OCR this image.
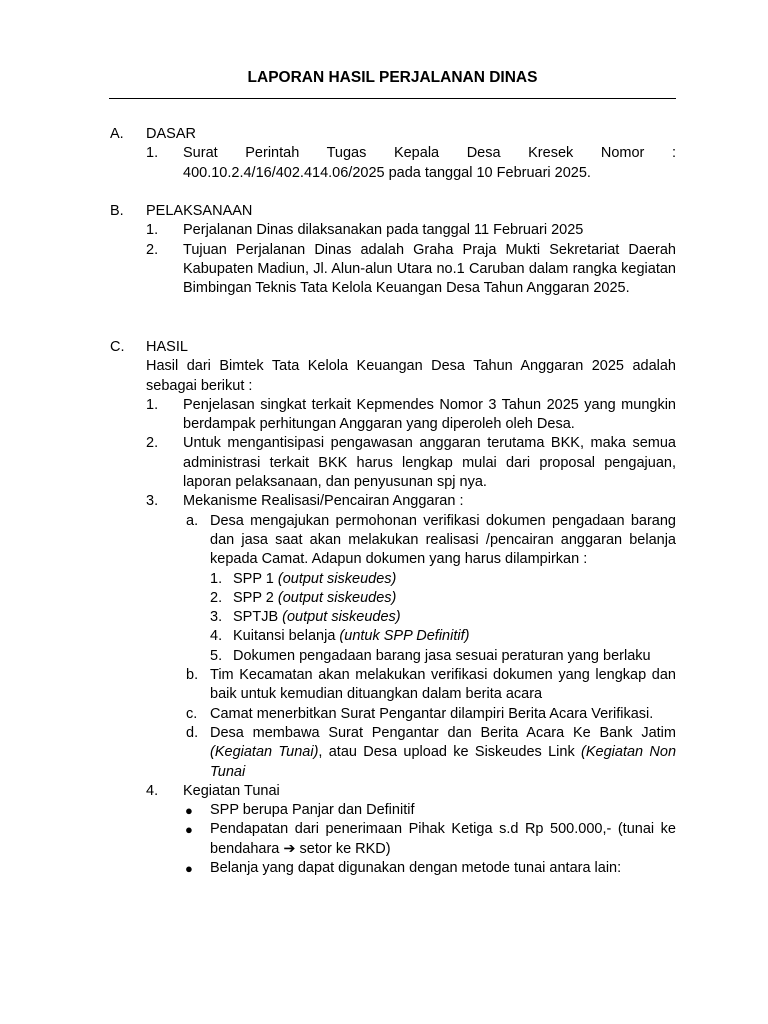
LAPORAN HASIL PERJALANAN DINAS
A. DASAR
1. Surat Perintah Tugas Kepala Desa Kresek Nomor : 400.10.2.4/16/402.414.06/2025 pada tanggal 10 Februari 2025.
B. PELAKSANAAN
1. Perjalanan Dinas dilaksanakan pada tanggal 11 Februari 2025
2. Tujuan Perjalanan Dinas adalah Graha Praja Mukti Sekretariat Daerah Kabupaten Madiun, Jl. Alun-alun Utara no.1 Caruban dalam rangka kegiatan Bimbingan Teknis Tata Kelola Keuangan Desa Tahun Anggaran 2025.
C. HASIL
Hasil dari Bimtek Tata Kelola Keuangan Desa Tahun Anggaran 2025 adalah sebagai berikut :
1. Penjelasan singkat terkait Kepmendes Nomor 3 Tahun 2025 yang mungkin berdampak perhitungan Anggaran yang diperoleh oleh Desa.
2. Untuk mengantisipasi pengawasan anggaran terutama BKK, maka semua administrasi terkait BKK harus lengkap mulai dari proposal pengajuan, laporan pelaksanaan, dan penyusunan spj nya.
3. Mekanisme Realisasi/Pencairan Anggaran :
a. Desa mengajukan permohonan verifikasi dokumen pengadaan barang dan jasa saat akan melakukan realisasi /pencairan anggaran belanja kepada Camat. Adapun dokumen yang harus dilampirkan :
1. SPP 1 (output siskeudes)
2. SPP 2 (output siskeudes)
3. SPTJB (output siskeudes)
4. Kuitansi belanja (untuk SPP Definitif)
5. Dokumen pengadaan barang jasa sesuai peraturan yang berlaku
b. Tim Kecamatan akan melakukan verifikasi dokumen yang lengkap dan baik untuk kemudian dituangkan dalam berita acara
c. Camat menerbitkan Surat Pengantar dilampiri Berita Acara Verifikasi.
d. Desa membawa Surat Pengantar dan Berita Acara Ke Bank Jatim (Kegiatan Tunai), atau Desa upload ke Siskeudes Link (Kegiatan Non Tunai
4. Kegiatan Tunai
● SPP berupa Panjar dan Definitif
● Pendapatan dari penerimaan Pihak Ketiga s.d Rp 500.000,- (tunai ke bendahara ➔ setor ke RKD)
● Belanja yang dapat digunakan dengan metode tunai antara lain:
